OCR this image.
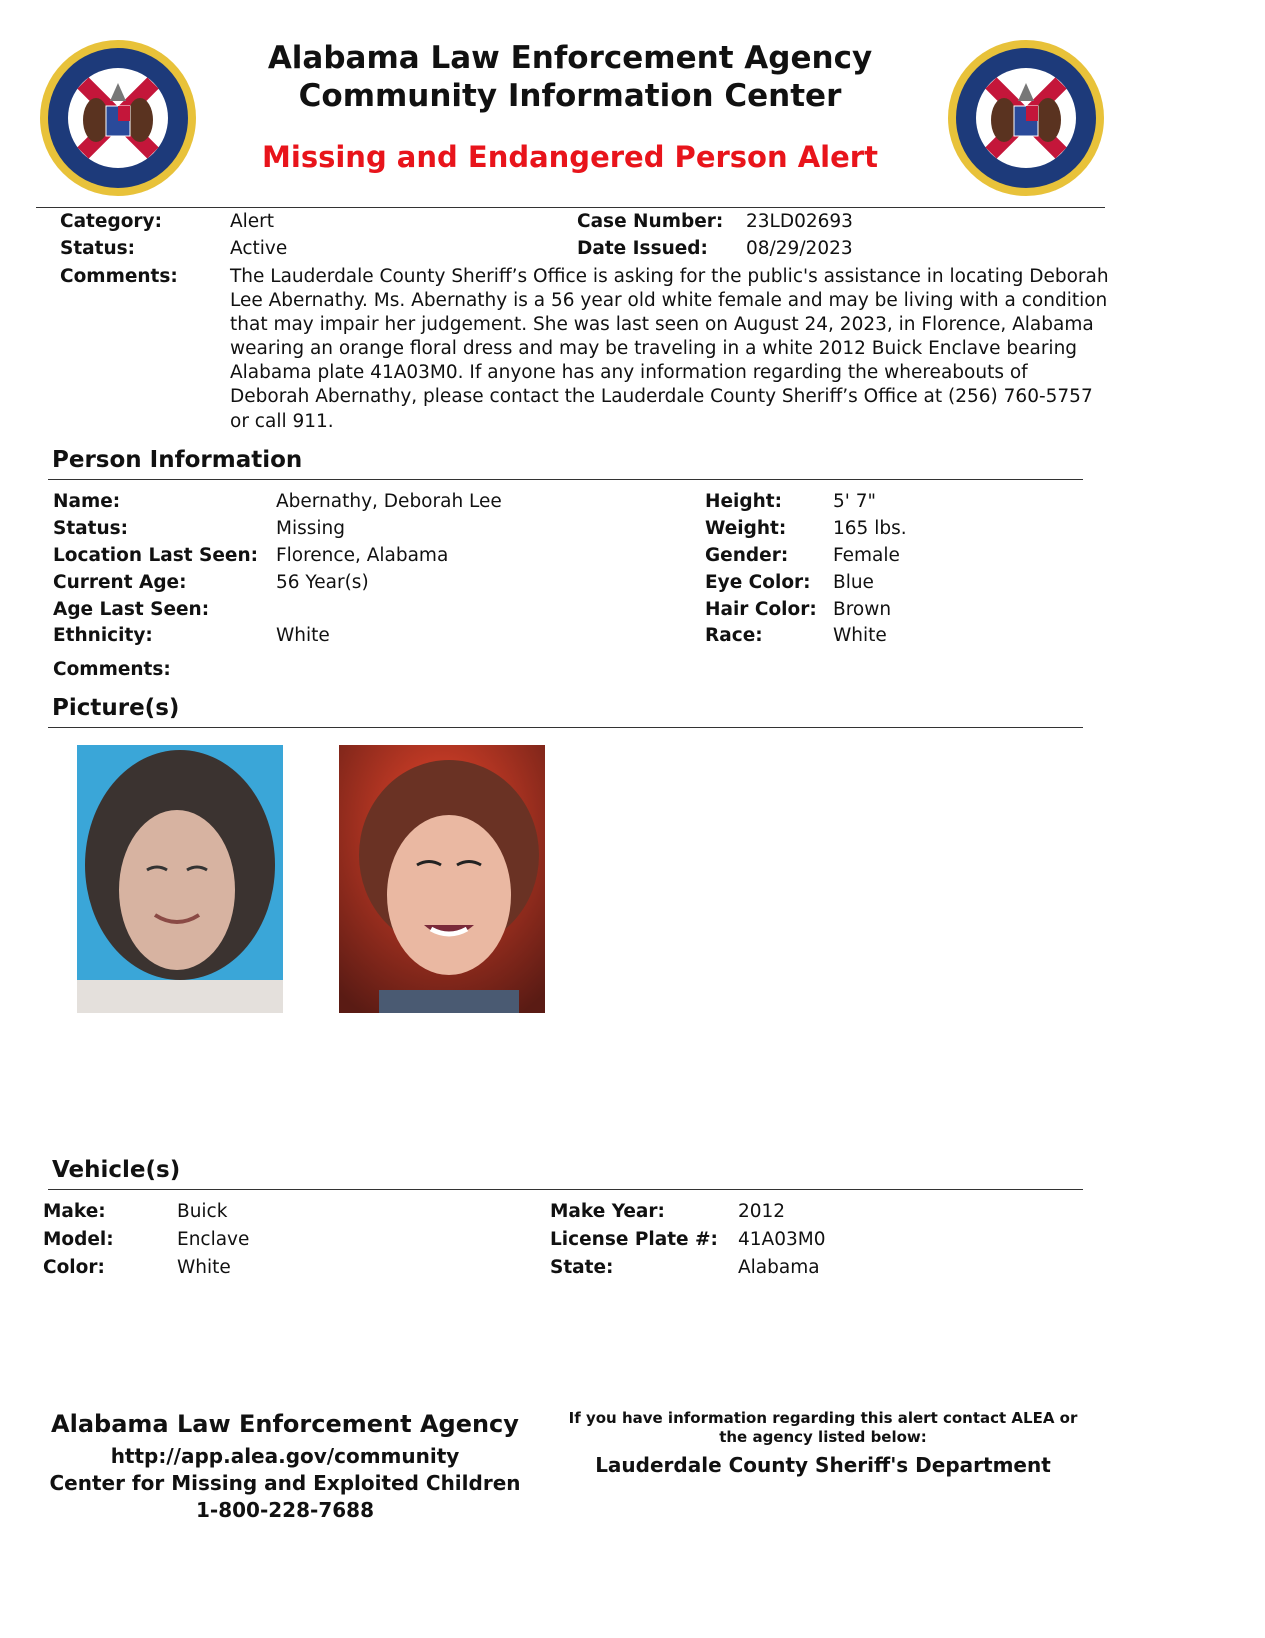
Alabama Law Enforcement Agency
Community Information Center
Missing and Endangered Person Alert
Category:	Alert
Status:	Active
Case Number: 23LD02693
Date Issued: 08/29/2023
Comments:	The Lauderdale County Sheriff’s Office is asking for the public's assistance in locating Deborah Lee Abernathy. Ms. Abernathy is a 56 year old white female and may be living with a condition that may impair her judgement. She was last seen on August 24, 2023, in Florence, Alabama wearing an orange floral dress and may be traveling in a white 2012 Buick Enclave bearing Alabama plate 41A03M0. If anyone has any information regarding the whereabouts of Deborah Abernathy, please contact the Lauderdale County Sheriff’s Office at (256) 760-5757 or call 911.
Person Information
Name:	Abernathy, Deborah Lee
Status:	Missing
Location Last Seen: Florence, Alabama
Current Age:	56 Year(s)
Age Last Seen:
Ethnicity:	White
Comments:
Height:	5' 7"
Weight:	165 lbs.
Gender: Female
Eye Color: Blue
Hair Color: Brown
Race:	White
Picture(s)
Vehicle(s)
Make:	Buick
Model:	Enclave
Color:	White
Make Year:	2012
License Plate #: 41A03M0
State:	Alabama
Alabama Law Enforcement Agency
http://app.alea.gov/community
Center for Missing and Exploited Children
1-800-228-7688
If you have information regarding this alert contact ALEA or
the agency listed below:
Lauderdale County Sheriff's Department
